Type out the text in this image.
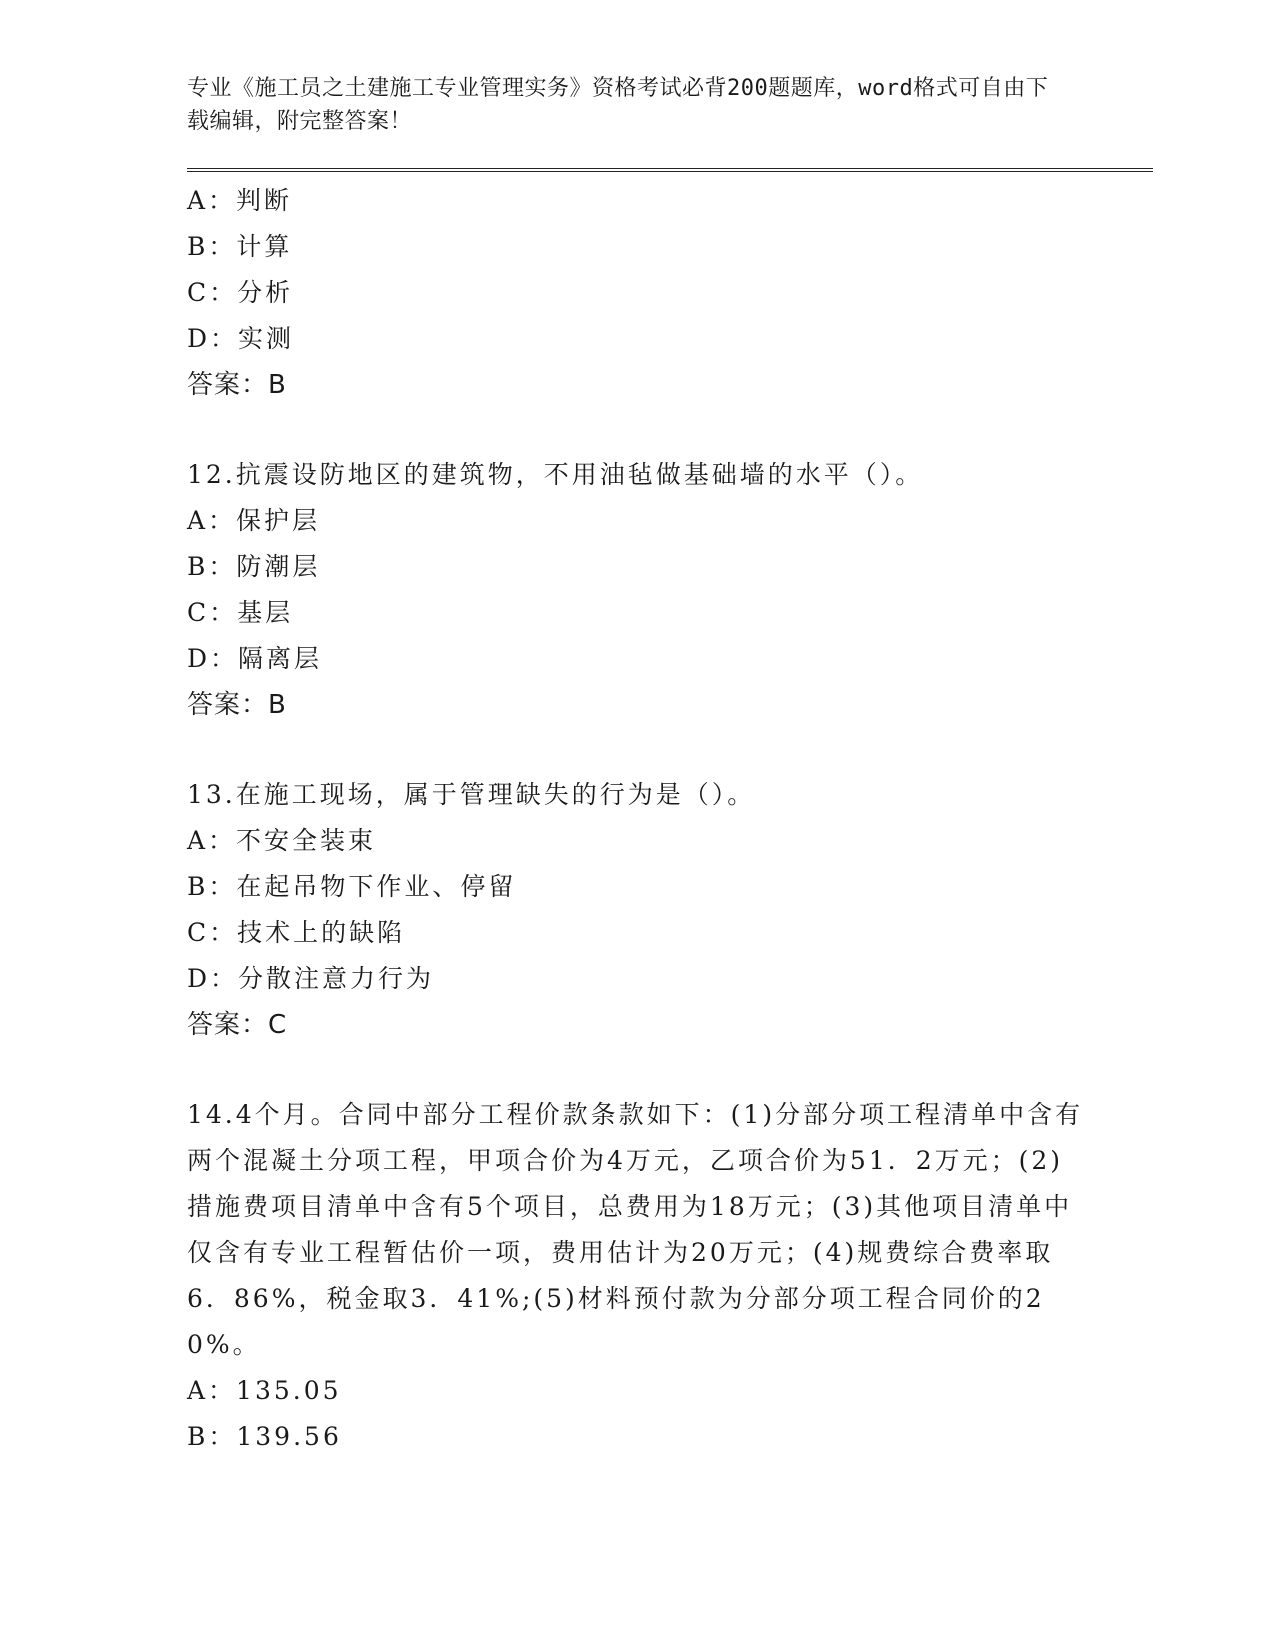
专业《施工员之土建施工专业管理实务》资格考试必背200题题库，word格式可自由下载编辑，附完整答案！
A：判断
B：计算
C：分析
D：实测
答案：B
12.抗震设防地区的建筑物，不用油毡做基础墙的水平（）。
A：保护层
B：防潮层
C：基层
D：隔离层
答案：B
13.在施工现场，属于管理缺失的行为是（）。
A：不安全装束
B：在起吊物下作业、停留
C：技术上的缺陷
D：分散注意力行为
答案：C
14.4个月。合同中部分工程价款条款如下：(1)分部分项工程清单中含有两个混凝土分项工程，甲项合价为4万元，乙项合价为51．2万元；(2)措施费项目清单中含有5个项目，总费用为18万元；(3)其他项目清单中仅含有专业工程暂估价一项，费用估计为20万元；(4)规费综合费率取6．86%，税金取3．41%;(5)材料预付款为分部分项工程合同价的20%。
A：135.05
B：139.56
